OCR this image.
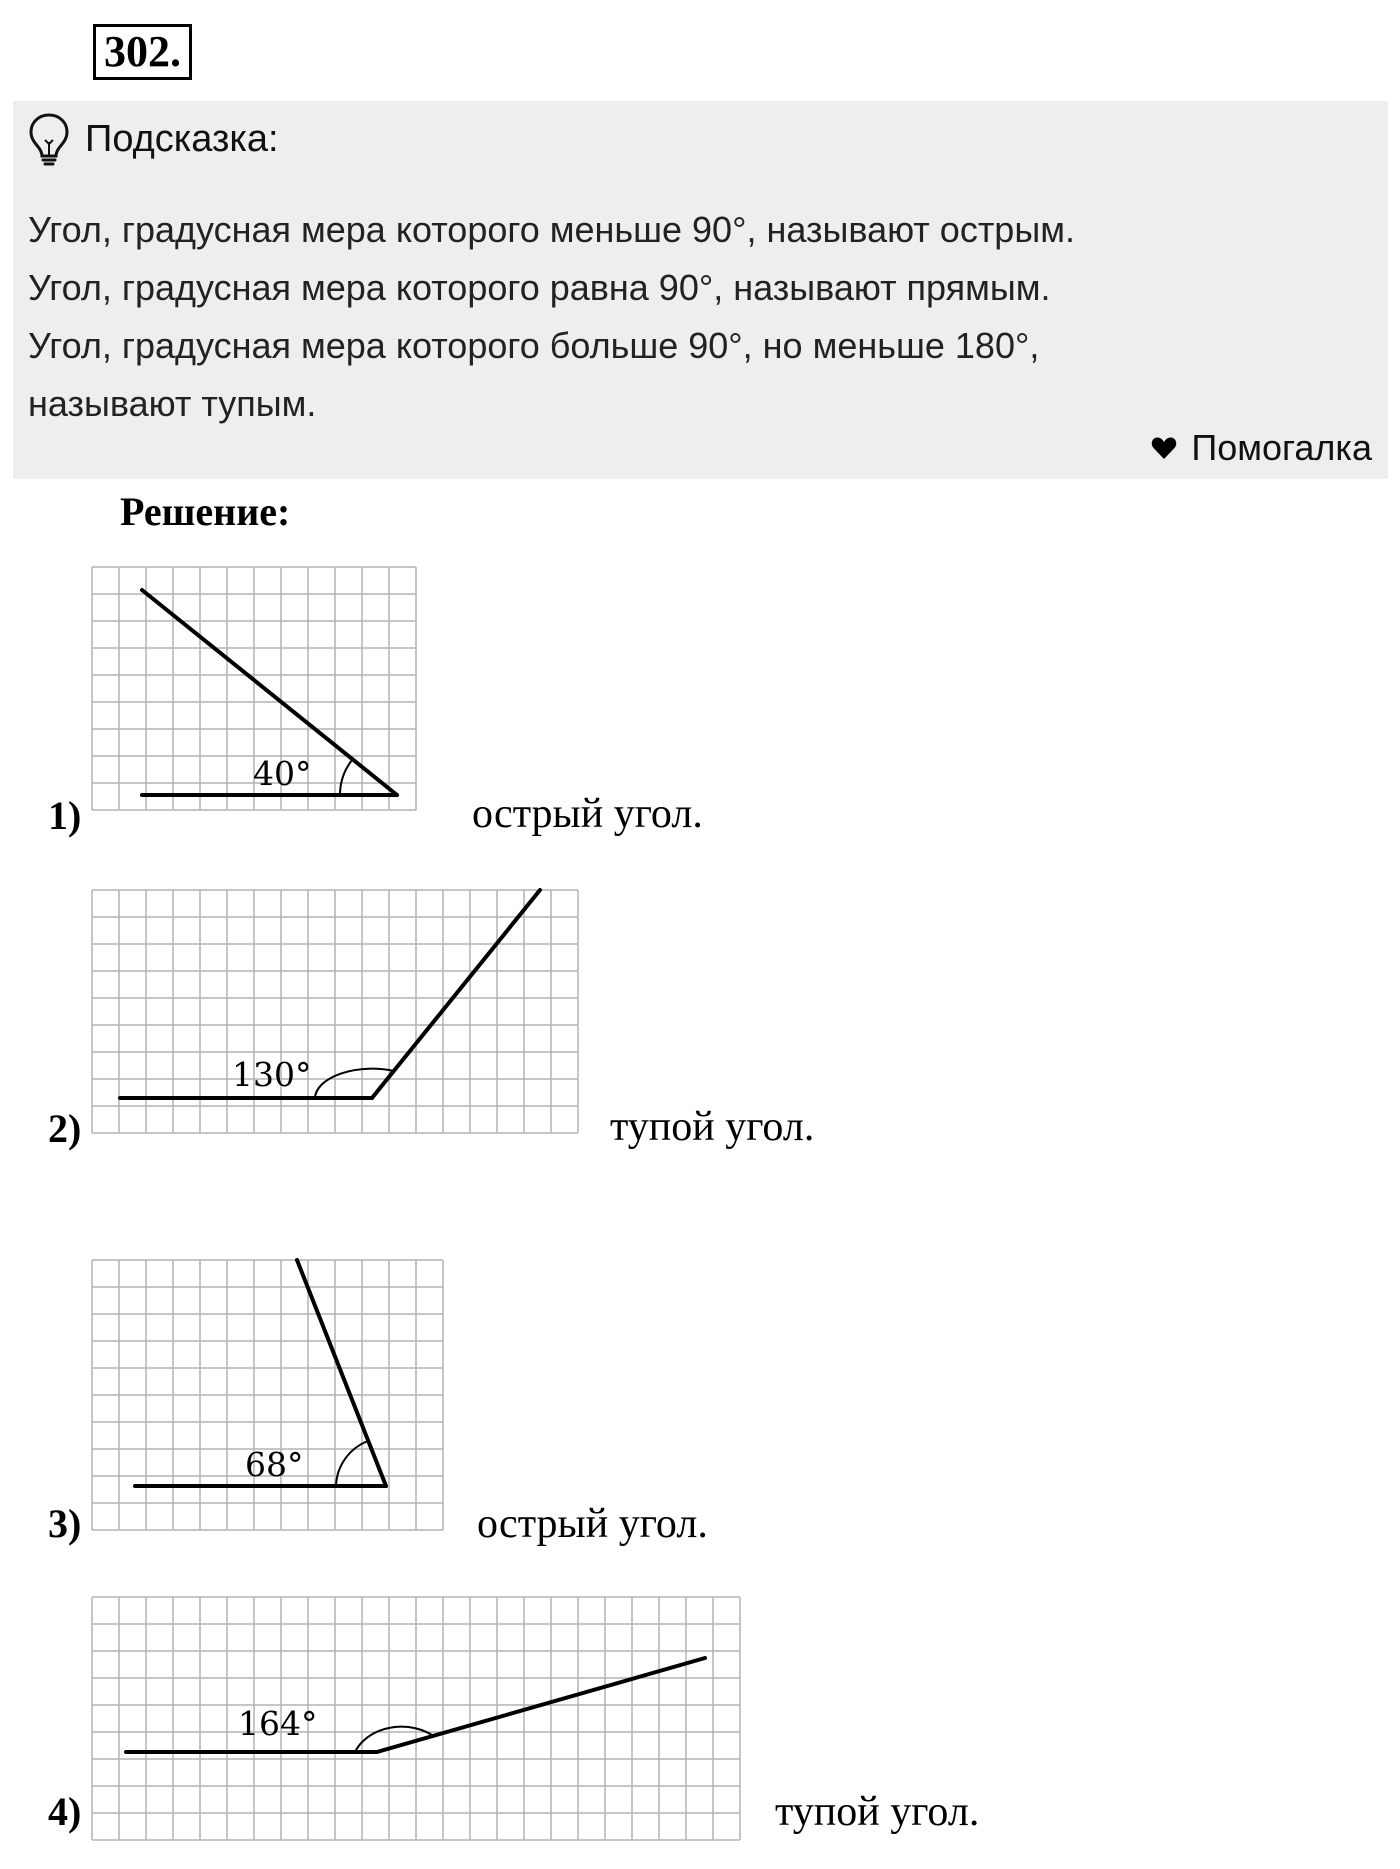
302.
Подсказка:
Угол, градусная мера которого меньше 90°, называют острым.
Угол, градусная мера которого равна 90°, называют прямым.
Угол, градусная мера которого больше 90°, но меньше 180°,
называют тупым.
Помогалка
Решение:
1)
40°
острый угол.
2)
130°
тупой угол.
3)
68°
острый угол.
4)
164°
тупой угол.
